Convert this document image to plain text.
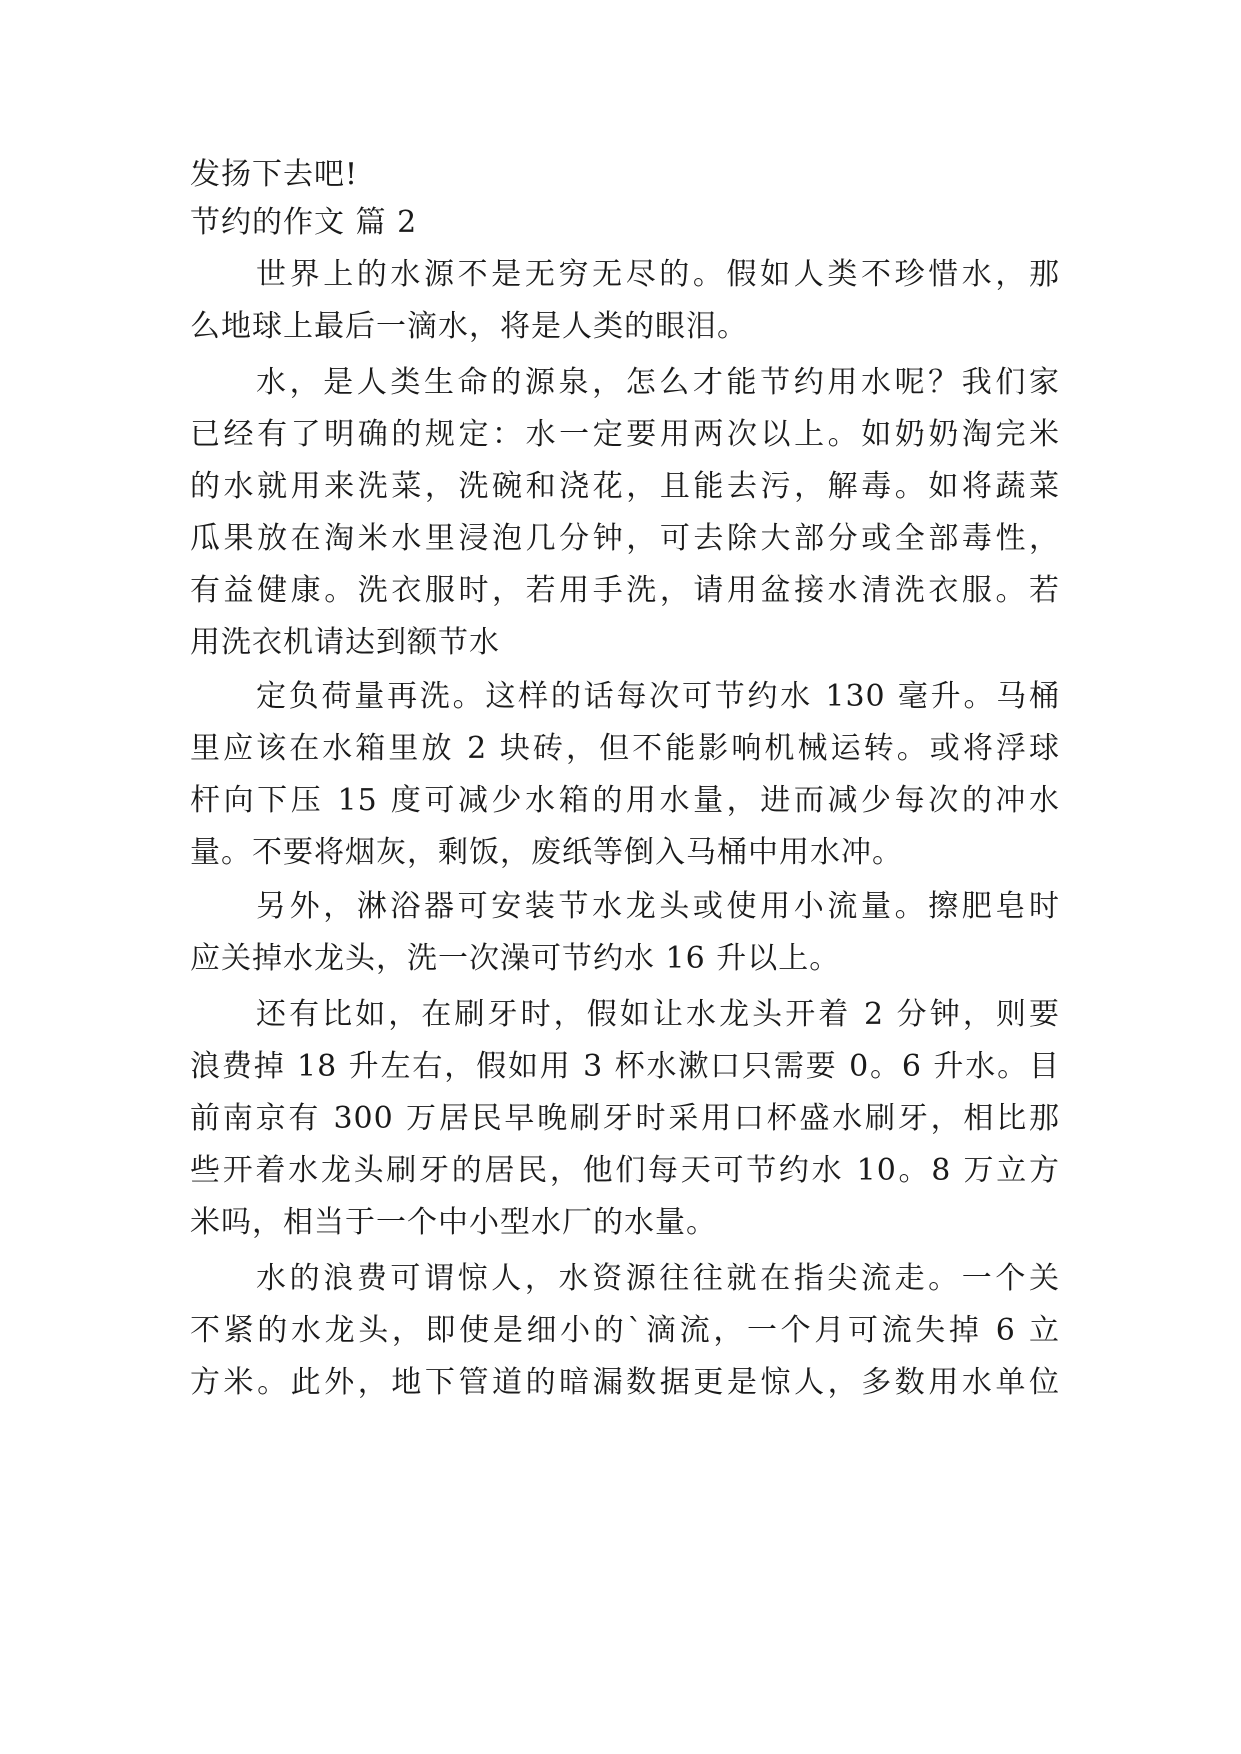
发扬下去吧!
节约的作文 篇 2
世界上的水源不是无穷无尽的。假如人类不珍惜水，那
么地球上最后一滴水，将是人类的眼泪。
水，是人类生命的源泉，怎么才能节约用水呢？我们家
已经有了明确的规定：水一定要用两次以上。如奶奶淘完米
的水就用来洗菜，洗碗和浇花，且能去污，解毒。如将蔬菜
瓜果放在淘米水里浸泡几分钟，可去除大部分或全部毒性，
有益健康。洗衣服时，若用手洗，请用盆接水清洗衣服。若
用洗衣机请达到额节水
定负荷量再洗。这样的话每次可节约水 130 毫升。马桶
里应该在水箱里放 2 块砖，但不能影响机械运转。或将浮球
杆向下压 15 度可减少水箱的用水量，进而减少每次的冲水
量。不要将烟灰，剩饭，废纸等倒入马桶中用水冲。
另外，淋浴器可安装节水龙头或使用小流量。擦肥皂时
应关掉水龙头，洗一次澡可节约水 16 升以上。
还有比如，在刷牙时，假如让水龙头开着 2 分钟，则要
浪费掉 18 升左右，假如用 3 杯水漱口只需要 0。6 升水。目
前南京有 300 万居民早晚刷牙时采用口杯盛水刷牙，相比那
些开着水龙头刷牙的居民，他们每天可节约水 10。8 万立方
米吗，相当于一个中小型水厂的水量。
水的浪费可谓惊人，水资源往往就在指尖流走。一个关
不紧的水龙头，即使是细小的`滴流，一个月可流失掉 6 立
方米。此外，地下管道的暗漏数据更是惊人，多数用水单位
